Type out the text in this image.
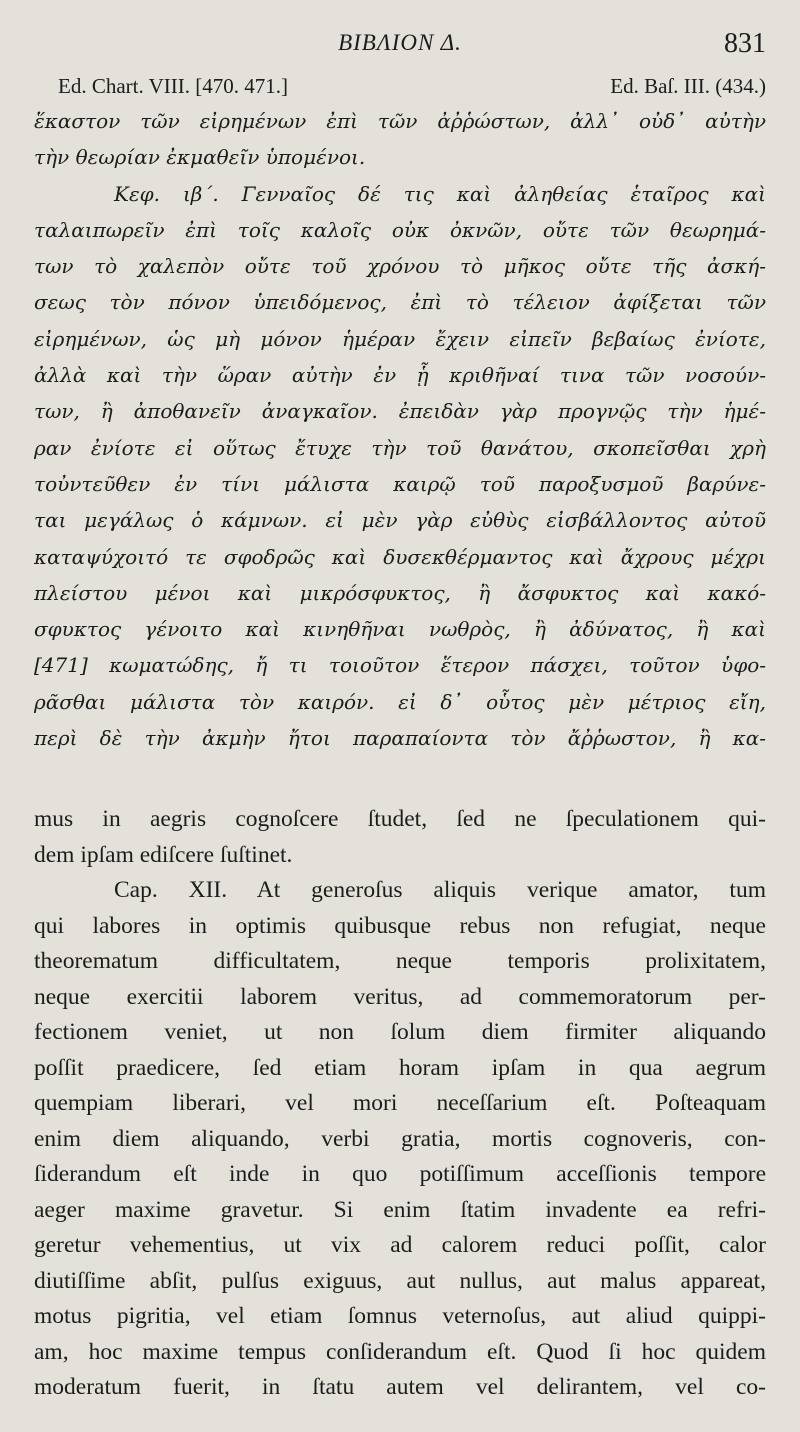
ΒΙΒΛΙΟΝ Δ.	831
Ed. Chart. VIII. [470. 471.]	Ed. Baſ. III. (434.)
ἕκαστον τῶν εἰρημένων ἐπὶ τῶν ἀῤῥώστων, ἀλλ᾽ οὐδ᾽ αὐτὴν
τὴν θεωρίαν ἐκμαθεῖν ὑπομένοι.
Κεφ. ιβ΄. Γενναῖος δέ τις καὶ ἀληθείας ἑταῖρος καὶ
ταλαιπωρεῖν ἐπὶ τοῖς καλοῖς οὐκ ὀκνῶν, οὔτε τῶν θεωρημά-
των τὸ χαλεπὸν οὔτε τοῦ χρόνου τὸ μῆκος οὔτε τῆς ἀσκή-
σεως τὸν πόνον ὑπειδόμενος, ἐπὶ τὸ τέλειον ἀφίξεται τῶν
εἰρημένων, ὡς μὴ μόνον ἡμέραν ἔχειν εἰπεῖν βεβαίως ἐνίοτε,
ἀλλὰ καὶ τὴν ὥραν αὐτὴν ἐν ᾗ κριθῆναί τινα τῶν νοσούν-
των, ἢ ἀποθανεῖν ἀναγκαῖον. ἐπειδὰν γὰρ προγνῷς τὴν ἡμέ-
ραν ἐνίοτε εἰ οὕτως ἔτυχε τὴν τοῦ θανάτου, σκοπεῖσθαι χρὴ
τοὐντεῦθεν ἐν τίνι μάλιστα καιρῷ τοῦ παροξυσμοῦ βαρύνε-
ται μεγάλως ὁ κάμνων. εἰ μὲν γὰρ εὐθὺς εἰσβάλλοντος αὐτοῦ
καταψύχοιτό τε σφοδρῶς καὶ δυσεκθέρμαντος καὶ ἄχρους μέχρι
πλείστου μένοι καὶ μικρόσφυκτος, ἢ ἄσφυκτος καὶ κακό-
σφυκτος γένοιτο καὶ κινηθῆναι νωθρὸς, ἢ ἀδύνατος, ἢ καὶ
[471] κωματώδης, ἤ τι τοιοῦτον ἕτερον πάσχει, τοῦτον ὑφο-
ρᾶσθαι μάλιστα τὸν καιρόν. εἰ δ᾽ οὗτος μὲν μέτριος εἴη,
περὶ δὲ τὴν ἀκμὴν ἤτοι παραπαίοντα τὸν ἄῤῥωστον, ἢ κα-
mus in aegris cognoſcere ſtudet, ſed ne ſpeculationem qui-
dem ipſam ediſcere ſuſtinet.
Cap. XII. At generoſus aliquis verique amator, tum
qui labores in optimis quibusque rebus non refugiat, neque
theorematum difficultatem, neque temporis prolixitatem,
neque exercitii laborem veritus, ad commemoratorum per-
fectionem veniet, ut non ſolum diem firmiter aliquando
poſſit praedicere, ſed etiam horam ipſam in qua aegrum
quempiam liberari, vel mori neceſſarium eſt. Poſteaquam
enim diem aliquando, verbi gratia, mortis cognoveris, con-
ſiderandum eſt inde in quo potiſſimum acceſſionis tempore
aeger maxime gravetur. Si enim ſtatim invadente ea refri-
geretur vehementius, ut vix ad calorem reduci poſſit, calor
diutiſſime abſit, pulſus exiguus, aut nullus, aut malus appareat,
motus pigritia, vel etiam ſomnus veternoſus, aut aliud quippi-
am, hoc maxime tempus conſiderandum eſt. Quod ſi hoc quidem
moderatum fuerit, in ſtatu autem vel delirantem, vel co-
